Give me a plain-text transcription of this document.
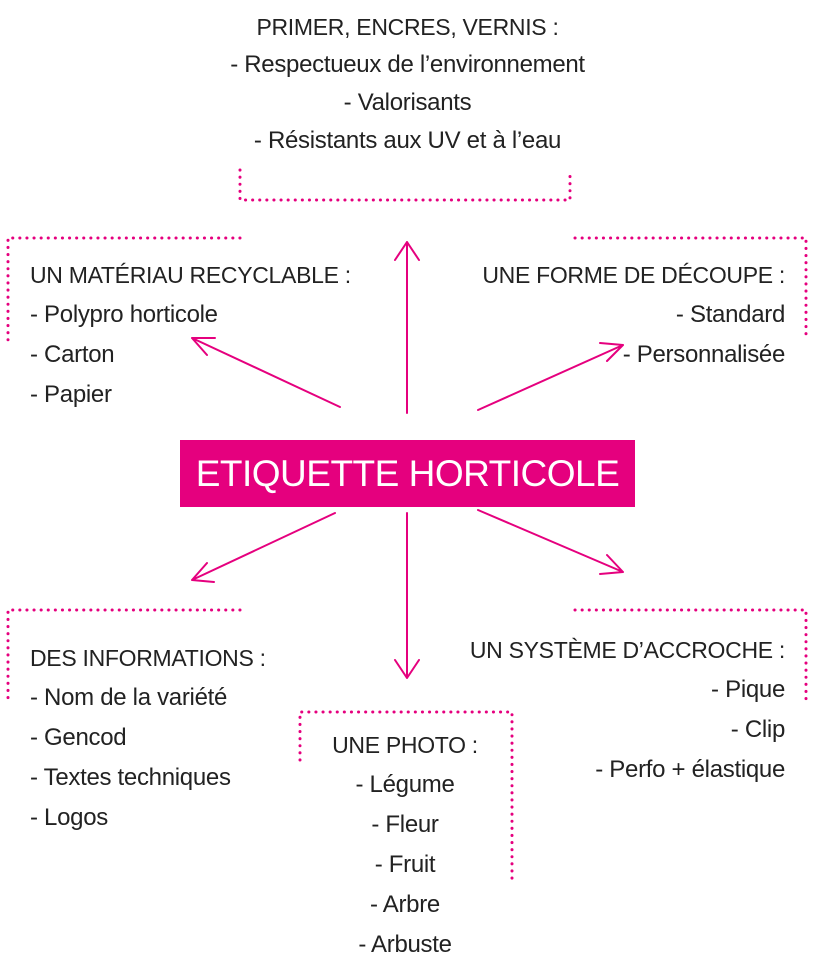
PRIMER, ENCRES, VERNIS :
- Respectueux de l’environnement
- Valorisants
- Résistants aux UV et à l’eau
UN MATÉRIAU RECYCLABLE :
- Polypro horticole
- Carton
- Papier
UNE FORME DE DÉCOUPE :
- Standard
- Personnalisée
ETIQUETTE HORTICOLE
DES INFORMATIONS :
- Nom de la variété
- Gencod
- Textes techniques
- Logos
UNE PHOTO :
- Légume
- Fleur
- Fruit
- Arbre
- Arbuste
UN SYSTÈME D’ACCROCHE :
- Pique
- Clip
- Perfo + élastique
